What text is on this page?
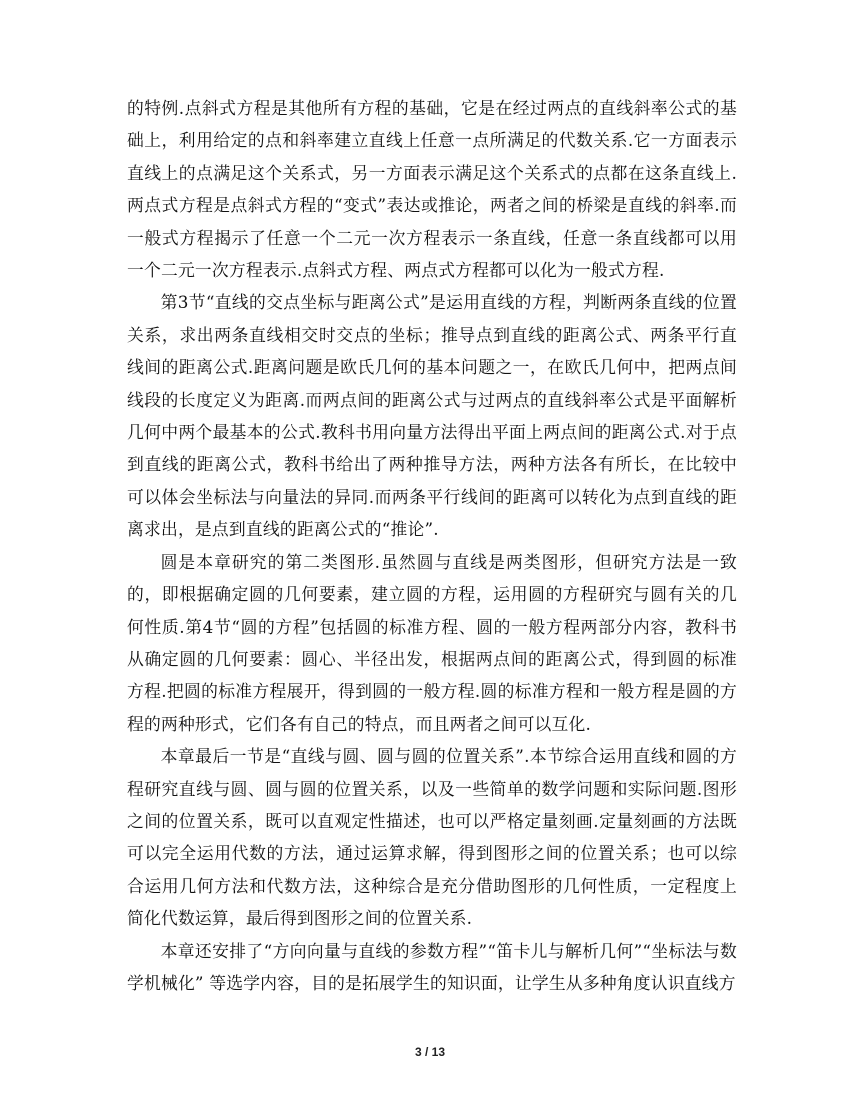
的特例.点斜式方程是其他所有方程的基础，它是在经过两点的直线斜率公式的基础上，利用给定的点和斜率建立直线上任意一点所满足的代数关系.它一方面表示直线上的点满足这个关系式，另一方面表示满足这个关系式的点都在这条直线上.两点式方程是点斜式方程的“变式”表达或推论，两者之间的桥梁是直线的斜率.而一般式方程揭示了任意一个二元一次方程表示一条直线，任意一条直线都可以用一个二元一次方程表示.点斜式方程、两点式方程都可以化为一般式方程.

第3节“直线的交点坐标与距离公式”是运用直线的方程，判断两条直线的位置关系，求出两条直线相交时交点的坐标；推导点到直线的距离公式、两条平行直线间的距离公式.距离问题是欧氏几何的基本问题之一，在欧氏几何中，把两点间线段的长度定义为距离.而两点间的距离公式与过两点的直线斜率公式是平面解析几何中两个最基本的公式.教科书用向量方法得出平面上两点间的距离公式.对于点到直线的距离公式，教科书给出了两种推导方法，两种方法各有所长，在比较中可以体会坐标法与向量法的异同.而两条平行线间的距离可以转化为点到直线的距离求出，是点到直线的距离公式的“推论”.

圆是本章研究的第二类图形.虽然圆与直线是两类图形，但研究方法是一致的，即根据确定圆的几何要素，建立圆的方程，运用圆的方程研究与圆有关的几何性质.第4节“圆的方程”包括圆的标准方程、圆的一般方程两部分内容，教科书从确定圆的几何要素：圆心、半径出发，根据两点间的距离公式，得到圆的标准方程.把圆的标准方程展开，得到圆的一般方程.圆的标准方程和一般方程是圆的方程的两种形式，它们各有自己的特点，而且两者之间可以互化.

本章最后一节是“直线与圆、圆与圆的位置关系”.本节综合运用直线和圆的方程研究直线与圆、圆与圆的位置关系，以及一些简单的数学问题和实际问题.图形之间的位置关系，既可以直观定性描述，也可以严格定量刻画.定量刻画的方法既可以完全运用代数的方法，通过运算求解，得到图形之间的位置关系；也可以综合运用几何方法和代数方法，这种综合是充分借助图形的几何性质，一定程度上简化代数运算，最后得到图形之间的位置关系.

本章还安排了“方向向量与直线的参数方程”“笛卡儿与解析几何”“坐标法与数学机械化” 等选学内容，目的是拓展学生的知识面，让学生从多种角度认识直线方

3 / 13
